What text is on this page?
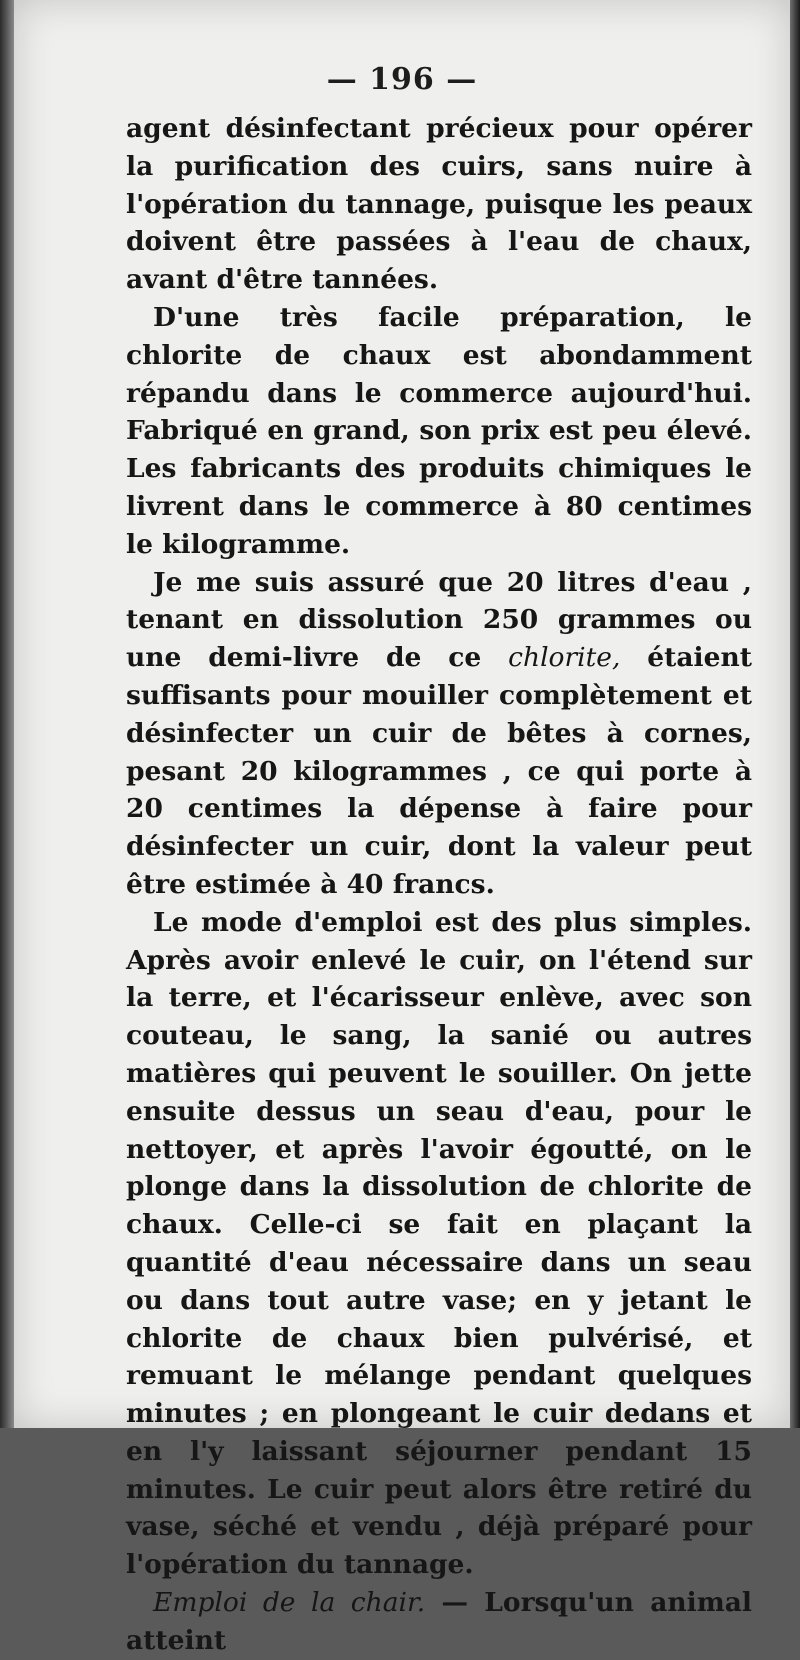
— 196 —

agent désinfectant précieux pour opérer la purification des cuirs, sans nuire à l'opération du tannage, puisque les peaux doivent être passées à l'eau de chaux, avant d'être tannées.

D'une très facile préparation, le chlorite de chaux est abondamment répandu dans le commerce aujourd'hui. Fabriqué en grand, son prix est peu élevé. Les fabricants des produits chimiques le livrent dans le commerce à 80 centimes le kilogramme.

Je me suis assuré que 20 litres d'eau , tenant en dissolution 250 grammes ou une demi-livre de ce chlorite, étaient suffisants pour mouiller complètement et désinfecter un cuir de bêtes à cornes, pesant 20 kilogrammes , ce qui porte à 20 centimes la dépense à faire pour désinfecter un cuir, dont la valeur peut être estimée à 40 francs.

Le mode d'emploi est des plus simples. Après avoir enlevé le cuir, on l'étend sur la terre, et l'écarisseur enlève, avec son couteau, le sang, la sanié ou autres matières qui peuvent le souiller. On jette ensuite dessus un seau d'eau, pour le nettoyer, et après l'avoir égoutté, on le plonge dans la dissolution de chlorite de chaux. Celle-ci se fait en plaçant la quantité d'eau nécessaire dans un seau ou dans tout autre vase; en y jetant le chlorite de chaux bien pulvérisé, et remuant le mélange pendant quelques minutes ; en plongeant le cuir dedans et en l'y laissant séjourner pendant 15 minutes. Le cuir peut alors être retiré du vase, séché et vendu , déjà préparé pour l'opération du tannage.

Emploi de la chair. — Lorsqu'un animal atteint
